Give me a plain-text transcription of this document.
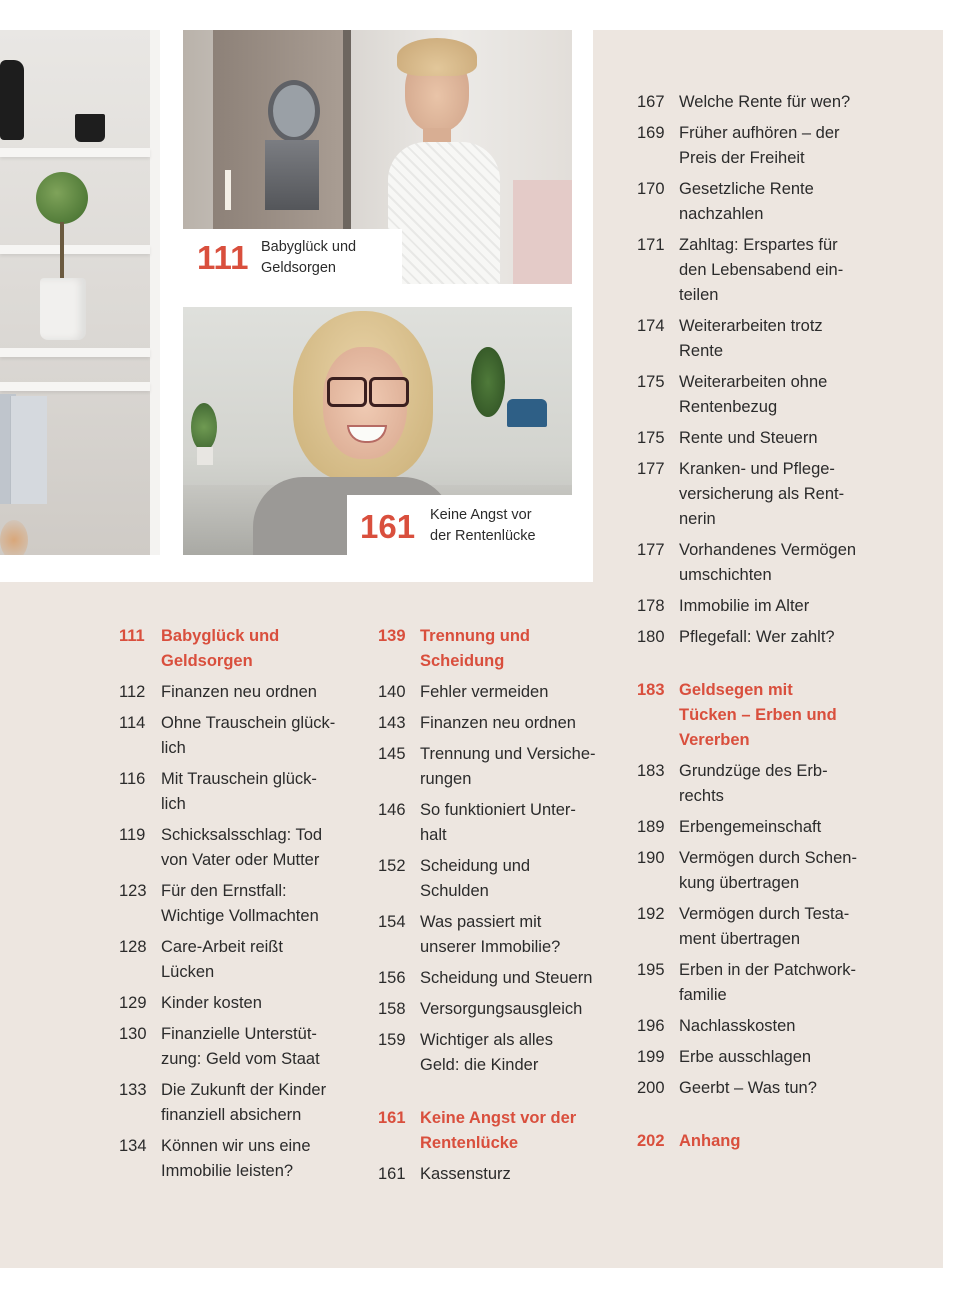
111 Babyglück und
Geldsorgen
161 Keine Angst vor
der Rentenlücke
111 Babyglück und
Geldsorgen
112 Finanzen neu ordnen
114 Ohne Trauschein glück-
lich
116 Mit Trauschein glück-
lich
119 Schicksalsschlag: Tod
von Vater oder Mutter
123 Für den Ernstfall:
Wichtige Vollmachten
128 Care-Arbeit reißt
Lücken
129 Kinder kosten
130 Finanzielle Unterstüt-
zung: Geld vom Staat
133 Die Zukunft der Kinder
finanziell absichern
134 Können wir uns eine
Immobilie leisten?
139 Trennung und
Scheidung
140 Fehler vermeiden
143 Finanzen neu ordnen
145 Trennung und Versiche-
rungen
146 So funktioniert Unter-
halt
152 Scheidung und
Schulden
154 Was passiert mit
unserer Immobilie?
156 Scheidung und Steuern
158 Versorgungsausgleich
159 Wichtiger als alles
Geld: die Kinder
161 Keine Angst vor der
Rentenlücke
161 Kassensturz
167 Welche Rente für wen?
169 Früher aufhören – der
Preis der Freiheit
170 Gesetzliche Rente
nachzahlen
171 Zahltag: Erspartes für
den Lebensabend ein-
teilen
174 Weiterarbeiten trotz
Rente
175 Weiterarbeiten ohne
Rentenbezug
175 Rente und Steuern
177 Kranken- und Pflege-
versicherung als Rent-
nerin
177 Vorhandenes Vermögen
umschichten
178 Immobilie im Alter
180 Pflegefall: Wer zahlt?
183 Geldsegen mit
Tücken – Erben und
Vererben
183 Grundzüge des Erb-
rechts
189 Erbengemeinschaft
190 Vermögen durch Schen-
kung übertragen
192 Vermögen durch Testa-
ment übertragen
195 Erben in der Patchwork-
familie
196 Nachlasskosten
199 Erbe ausschlagen
200 Geerbt – Was tun?
202 Anhang
